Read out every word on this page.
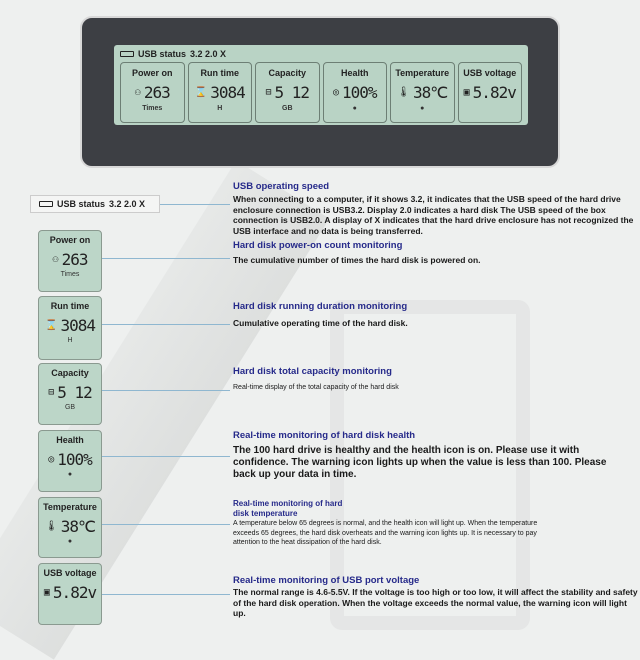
USB status 3.2 2.0 X
Power on
⚇ 263
Times
Run time
⌛ 3084
H
Capacity
⊟ 5 12
GB
Health
◎ 100%
●
Temperature
🌡 38℃
●
USB voltage
▣ 5.82v
USB status 3.2 2.0 X
Power on
⚇ 263
Times
Run time
⌛ 3084
H
Capacity
⊟ 5 12
GB
Health
◎ 100%
●
Temperature
🌡 38℃
●
USB voltage
▣ 5.82v
USB operating speed
When connecting to a computer, if it shows 3.2, it indicates that the USB speed of the hard drive enclosure connection is USB3.2. Display 2.0 indicates a hard disk The USB speed of the box connection is USB2.0. A display of X indicates that the hard drive enclosure has not recognized the USB interface and no data is being transferred.
Hard disk power-on count monitoring
The cumulative number of times the hard disk is powered on.
Hard disk running duration monitoring
Cumulative operating time of the hard disk.
Hard disk total capacity monitoring
Real-time display of the total capacity of the hard disk
Real-time monitoring of hard disk health
The 100 hard drive is healthy and the health icon is on. Please use it with confidence. The warning icon lights up when the value is less than 100. Please back up your data in time.
Real-time monitoring of hard disk temperature
A temperature below 65 degrees is normal, and the health icon will light up. When the temperature exceeds 65 degrees, the hard disk overheats and the warning icon lights up. It is necessary to pay attention to the heat dissipation of the hard disk.
Real-time monitoring of USB port voltage
The normal range is 4.6-5.5V. If the voltage is too high or too low, it will affect the stability and safety of the hard disk operation. When the voltage exceeds the normal value, the warning icon will light up.
